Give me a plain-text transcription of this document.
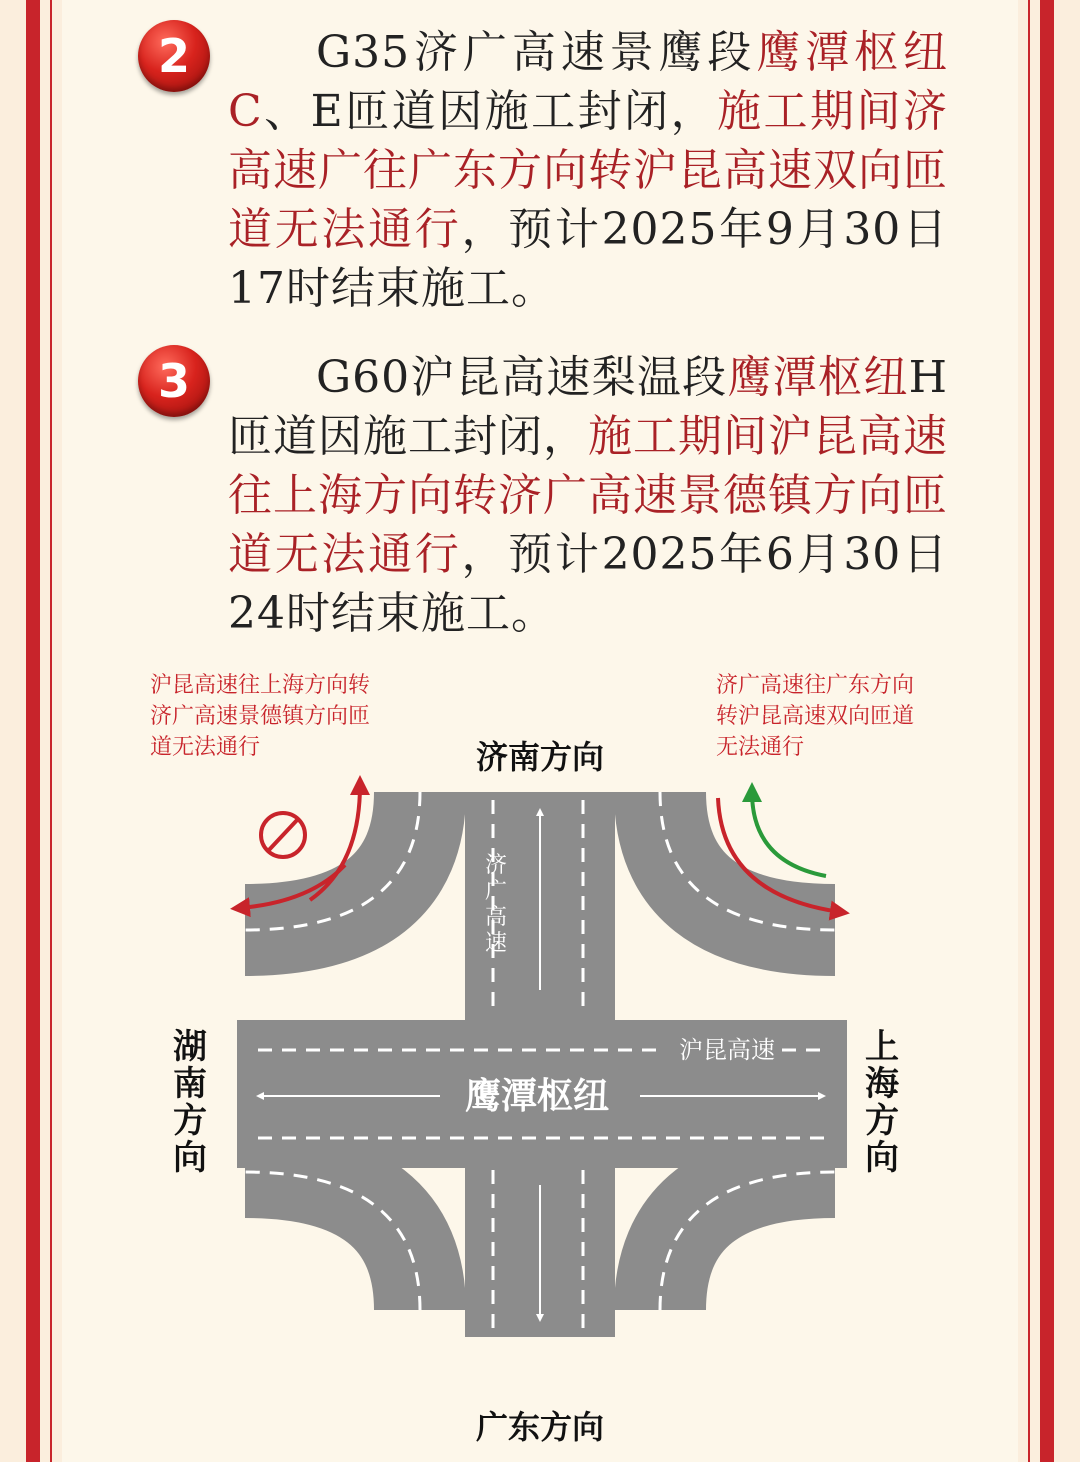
2	G35济广高速景鹰段鹰潭枢纽C、E匝道因施工封闭，施工期间济高速广往广东方向转沪昆高速双向匝道无法通行，预计2025年9月30日17时结束施工。

3	G60沪昆高速梨温段鹰潭枢纽H匝道因施工封闭，施工期间沪昆高速往上海方向转济广高速景德镇方向匝道无法通行，预计2025年6月30日24时结束施工。

济
广
高
速
沪昆高速
鹰潭枢纽
济南方向
广东方向
湖
南
方
向
上
海
方
向
沪昆高速往上海方向转
济广高速景德镇方向匝
道无法通行
济广高速往广东方向
转沪昆高速双向匝道
无法通行
